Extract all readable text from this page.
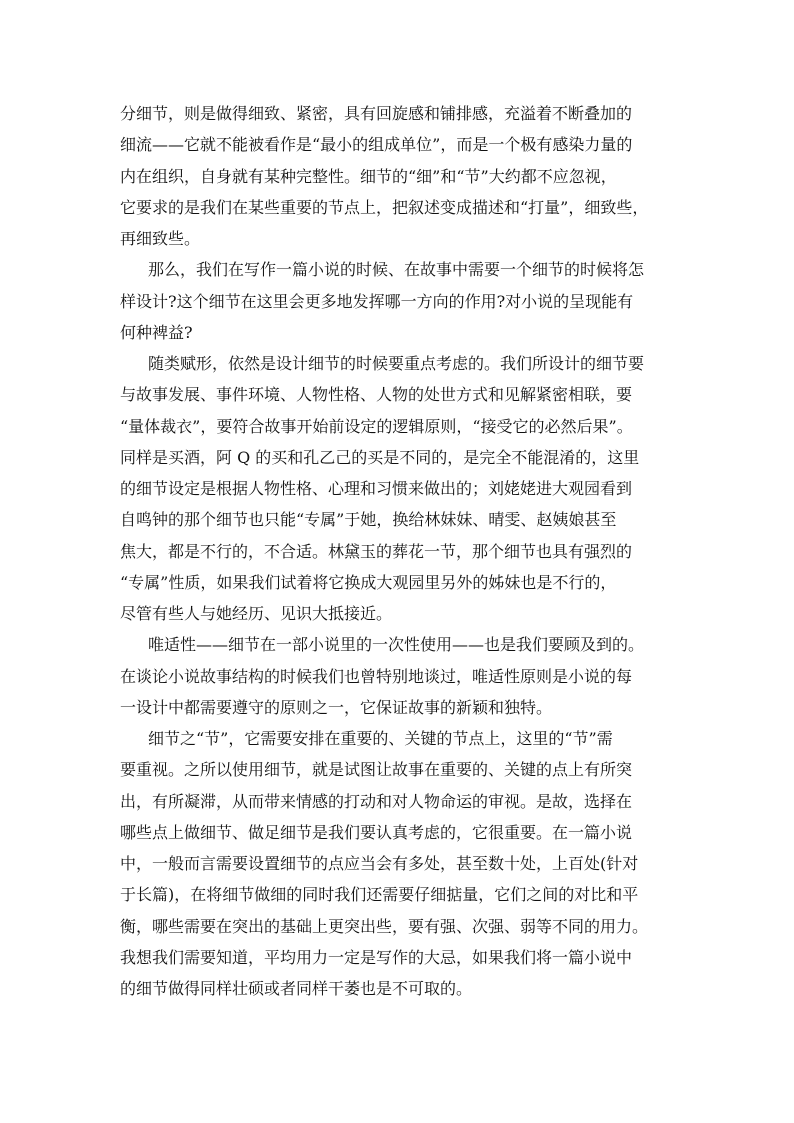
分细节，则是做得细致、紧密，具有回旋感和铺排感，充溢着不断叠加的
细流——它就不能被看作是“最小的组成单位”，而是一个极有感染力量的
内在组织，自身就有某种完整性。细节的“细”和“节”大约都不应忽视，
它要求的是我们在某些重要的节点上，把叙述变成描述和“打量”，细致些，
再细致些。
那么，我们在写作一篇小说的时候、在故事中需要一个细节的时候将怎
样设计?这个细节在这里会更多地发挥哪一方向的作用?对小说的呈现能有
何种裨益?
随类赋形，依然是设计细节的时候要重点考虑的。我们所设计的细节要
与故事发展、事件环境、人物性格、人物的处世方式和见解紧密相联，要
“量体裁衣”，要符合故事开始前设定的逻辑原则，“接受它的必然后果”。
同样是买酒，阿 Q 的买和孔乙己的买是不同的，是完全不能混淆的，这里
的细节设定是根据人物性格、心理和习惯来做出的；刘姥姥进大观园看到
自鸣钟的那个细节也只能“专属”于她，换给林妹妹、晴雯、赵姨娘甚至
焦大，都是不行的，不合适。林黛玉的葬花一节，那个细节也具有强烈的
“专属”性质，如果我们试着将它换成大观园里另外的姊妹也是不行的，
尽管有些人与她经历、见识大抵接近。
唯适性——细节在一部小说里的一次性使用——也是我们要顾及到的。
在谈论小说故事结构的时候我们也曾特别地谈过，唯适性原则是小说的每
一设计中都需要遵守的原则之一，它保证故事的新颖和独特。
细节之“节”，它需要安排在重要的、关键的节点上，这里的“节”需
要重视。之所以使用细节，就是试图让故事在重要的、关键的点上有所突
出，有所凝滞，从而带来情感的打动和对人物命运的审视。是故，选择在
哪些点上做细节、做足细节是我们要认真考虑的，它很重要。在一篇小说
中，一般而言需要设置细节的点应当会有多处，甚至数十处，上百处(针对
于长篇)，在将细节做细的同时我们还需要仔细掂量，它们之间的对比和平
衡，哪些需要在突出的基础上更突出些，要有强、次强、弱等不同的用力。
我想我们需要知道，平均用力一定是写作的大忌，如果我们将一篇小说中
的细节做得同样壮硕或者同样干萎也是不可取的。
